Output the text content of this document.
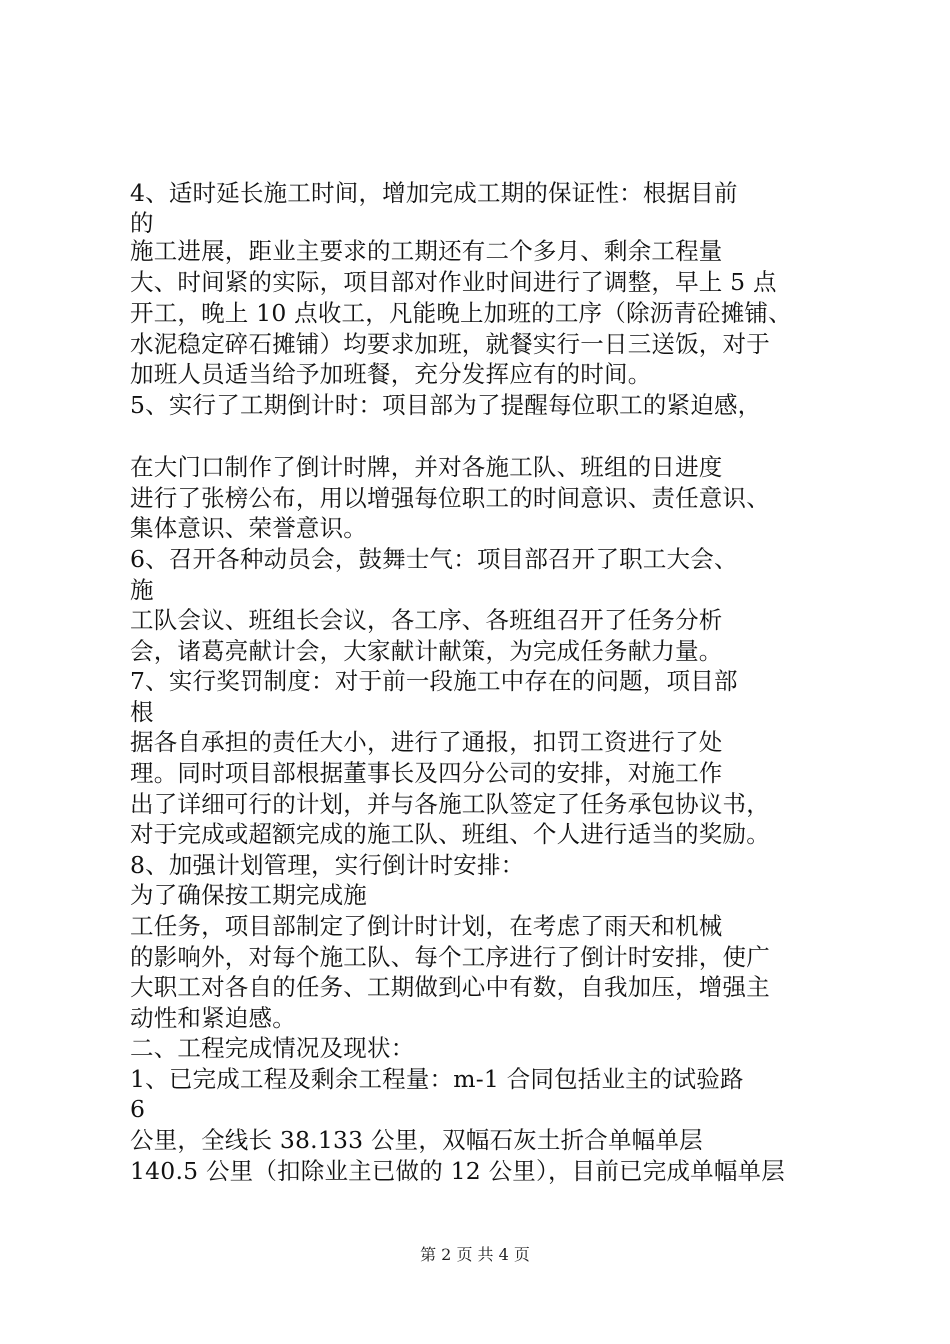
4、适时延长施工时间，增加完成工期的保证性：根据目前
的
施工进展，距业主要求的工期还有二个多月、剩余工程量
大、时间紧的实际，项目部对作业时间进行了调整，早上 5 点
开工，晚上 10 点收工，凡能晚上加班的工序（除沥青砼摊铺、
水泥稳定碎石摊铺）均要求加班，就餐实行一日三送饭，对于
加班人员适当给予加班餐，充分发挥应有的时间。
5、实行了工期倒计时：项目部为了提醒每位职工的紧迫感，
在大门口制作了倒计时牌，并对各施工队、班组的日进度
进行了张榜公布，用以增强每位职工的时间意识、责任意识、
集体意识、荣誉意识。
6、召开各种动员会，鼓舞士气：项目部召开了职工大会、
施
工队会议、班组长会议，各工序、各班组召开了任务分析
会，诸葛亮献计会，大家献计献策，为完成任务献力量。
7、实行奖罚制度：对于前一段施工中存在的问题，项目部
根
据各自承担的责任大小，进行了通报，扣罚工资进行了处
理。同时项目部根据董事长及四分公司的安排，对施工作
出了详细可行的计划，并与各施工队签定了任务承包协议书，
对于完成或超额完成的施工队、班组、个人进行适当的奖励。
8、加强计划管理，实行倒计时安排：
为了确保按工期完成施
工任务，项目部制定了倒计时计划，在考虑了雨天和机械
的影响外，对每个施工队、每个工序进行了倒计时安排，使广
大职工对各自的任务、工期做到心中有数，自我加压，增强主
动性和紧迫感。
二、工程完成情况及现状：
1、已完成工程及剩余工程量：m-1 合同包括业主的试验路
6
公里，全线长 38.133 公里，双幅石灰土折合单幅单层
140.5 公里（扣除业主已做的 12 公里），目前已完成单幅单层
第 2 页 共 4 页
